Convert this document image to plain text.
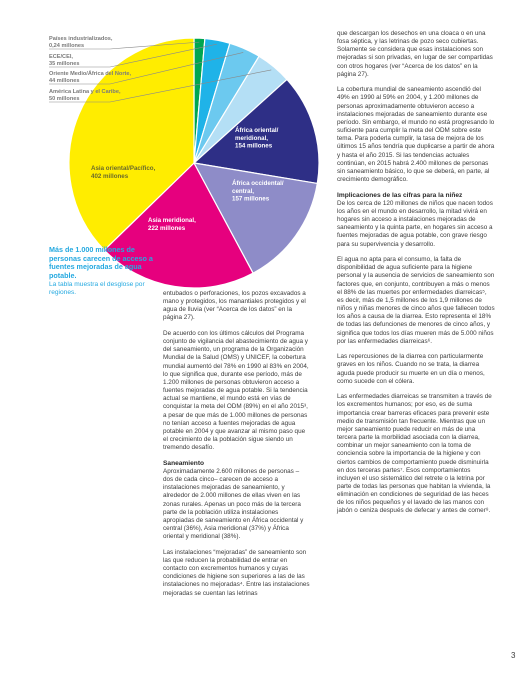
Países industrializados, 0,24 millones
ECE/CEI, 35 millones
Oriente Medio/África del Norte, 44 millones
América Latina y el Caribe, 50 millones
África oriental/ meridional, 154 millones
África occidental/ central, 157 millones
Asia meridional, 222 millones
Asia oriental/Pacífico, 402 millones

Más de 1.000 millones de personas carecen de acceso a fuentes mejoradas de agua potable.

La tabla muestra el desglose por regiones.	entubados o perforaciones, los pozos excavados a mano y protegidos, los manantiales protegidos y el agua de lluvia (ver “Acerca de los datos” en la página 27).

De acuerdo con los últimos cálculos del Programa conjunto de vigilancia del abastecimiento de agua y del saneamiento, un programa de la Organización Mundial de la Salud (OMS) y UNICEF, la cobertura mundial aumentó del 78% en 1990 al 83% en 2004, lo que significa que, durante ese período, más de 1.200 millones de personas obtuvieron acceso a fuentes mejoradas de agua potable. Si la tendencia actual se mantiene, el mundo está en vías de conquistar la meta del ODM (89%) en el año 2015³, a pesar de que más de 1.000 millones de personas no tenían acceso a fuentes mejoradas de agua potable en 2004 y que avanzar al mismo paso que el crecimiento de la población sigue siendo un tremendo desafío.

Saneamiento

Aproximadamente 2.600 millones de personas – dos de cada cinco– carecen de acceso a instalaciones mejoradas de saneamiento, y alrededor de 2.000 millones de ellas viven en las zonas rurales. Apenas un poco más de la tercera parte de la población utiliza instalaciones apropiadas de saneamiento en África occidental y central (36%), Asia meridional (37%) y África oriental y meridional (38%).

Las instalaciones “mejoradas” de saneamiento son las que reducen la probabilidad de entrar en contacto con excrementos humanos y cuyas condiciones de higiene son superiores a las de las instalaciones no mejoradas⁴. Entre las instalaciones mejoradas se cuentan las letrinas

que descargan los desechos en una cloaca o en una fosa séptica, y las letrinas de pozo seco cubiertas. Solamente se considera que esas instalaciones son mejoradas si son privadas, en lugar de ser compartidas con otros hogares (ver “Acerca de los datos” en la página 27).

La cobertura mundial de saneamiento ascendió del 49% en 1990 al 59% en 2004, y 1.200 millones de personas aproximadamente obtuvieron acceso a instalaciones mejoradas de saneamiento durante ese período. Sin embargo, el mundo no está progresando lo suficiente para cumplir la meta del ODM sobre este tema. Para poderla cumplir, la tasa de mejora de los últimos 15 años tendría que duplicarse a partir de ahora y hasta el año 2015. Si las tendencias actuales continúan, en 2015 habrá 2.400 millones de personas sin saneamiento básico, lo que se deberá, en parte, al crecimiento demográfico.

Implicaciones de las cifras para la niñez

De los cerca de 120 millones de niños que nacen todos los años en el mundo en desarrollo, la mitad vivirá en hogares sin acceso a instalaciones mejoradas de saneamiento y la quinta parte, en hogares sin acceso a fuentes mejoradas de agua potable, con grave riesgo para su supervivencia y desarrollo.

El agua no apta para el consumo, la falta de disponibilidad de agua suficiente para la higiene personal y la ausencia de servicios de saneamiento son factores que, en conjunto, contribuyen a más o menos el 88% de las muertes por enfermedades diarreicas⁵, es decir, más de 1,5 millones de los 1,9 millones de niños y niñas menores de cinco años que fallecen todos los años a causa de la diarrea. Esto representa el 18% de todas las defunciones de menores de cinco años, y significa que todos los días mueren más de 5.000 niños por las enfermedades diarreicas⁶.

Las repercusiones de la diarrea con particularmente graves en los niños. Cuando no se trata, la diarrea aguda puede producir su muerte en un día o menos, como sucede con el cólera.

Las enfermedades diarreicas se transmiten a través de los excrementos humanos; por eso, es de suma importancia crear barreras eficaces para prevenir este medio de transmisión tan frecuente. Mientras que un mejor saneamiento puede reducir en más de una tercera parte la morbilidad asociada con la diarrea, combinar un mejor saneamiento con la toma de conciencia sobre la importancia de la higiene y con ciertos cambios de comportamiento puede disminuirla en dos terceras partes⁷. Esos comportamientos incluyen el uso sistemático del retrete o la letrina por parte de todas las personas que habitan la vivienda, la eliminación en condiciones de seguridad de las heces de los niños pequeños y el lavado de las manos con jabón o ceniza después de defecar y antes de comer⁸.

3
